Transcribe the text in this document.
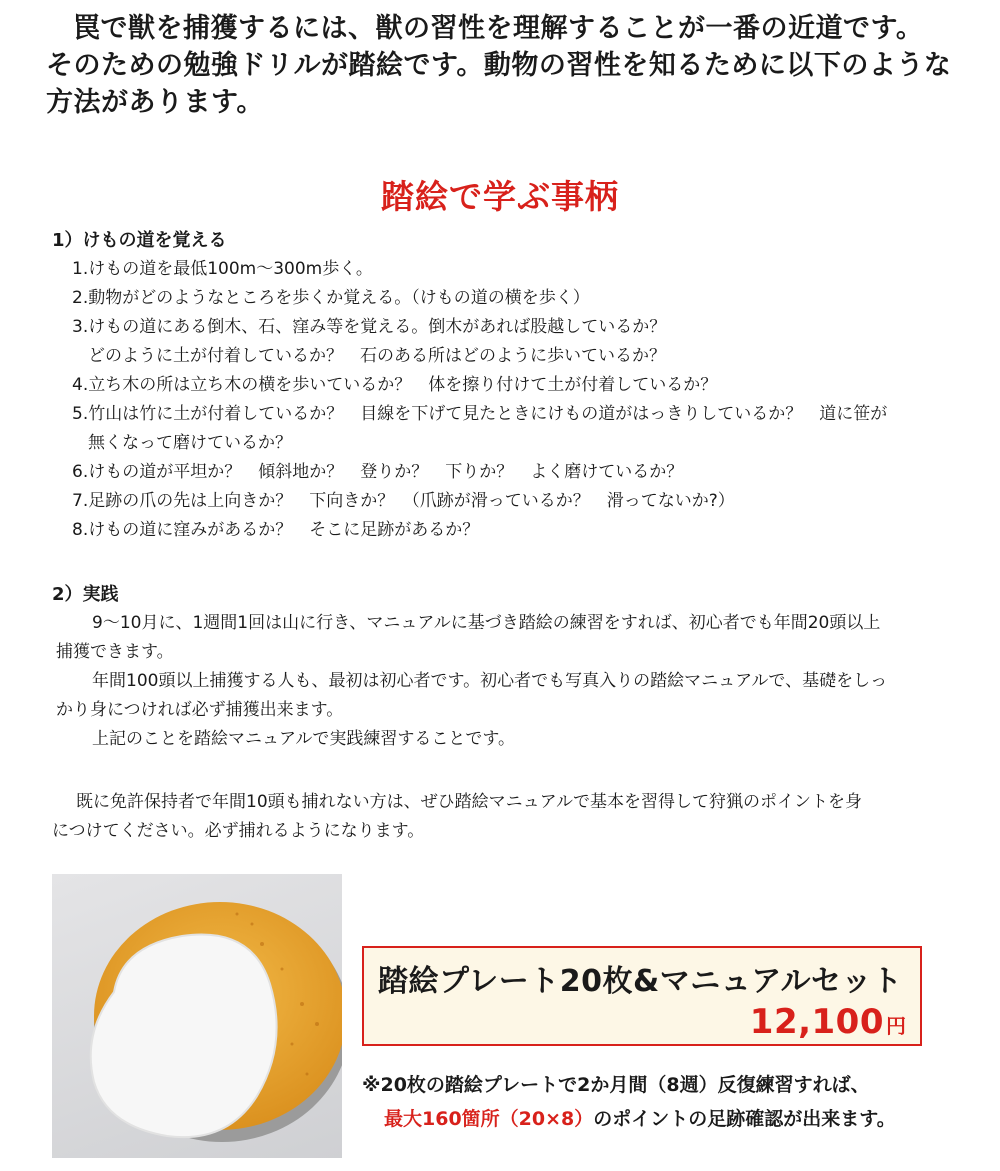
罠で獣を捕獲するには、獣の習性を理解することが一番の近道です。

そのための勉強ドリルが踏絵です。動物の習性を知るために以下のような方法があります。

踏絵で学ぶ事柄
1）けもの道を覚える
1.けもの道を最低100m〜300m歩く。
2.動物がどのようなところを歩くか覚える。（けもの道の横を歩く）
3.けもの道にある倒木、石、窪み等を覚える。倒木があれば股越しているか？
どのように土が付着しているか？　石のある所はどのように歩いているか？
4.立ち木の所は立ち木の横を歩いているか？　体を擦り付けて土が付着しているか？
5.竹山は竹に土が付着しているか？　目線を下げて見たときにけもの道がはっきりしているか？　道に笹が
無くなって磨けているか？
6.けもの道が平坦か？　傾斜地か？　登りか？　下りか？　よく磨けているか？
7.足跡の爪の先は上向きか？　下向きか？　（爪跡が滑っているか？　滑ってないか?）
8.けもの道に窪みがあるか？　そこに足跡があるか？
2）実践
9〜10月に、1週間1回は山に行き、マニュアルに基づき踏絵の練習をすれば、初心者でも年間20頭以上
捕獲できます。
年間100頭以上捕獲する人も、最初は初心者です。初心者でも写真入りの踏絵マニュアルで、基礎をしっ
かり身につければ必ず捕獲出来ます。
上記のことを踏絵マニュアルで実践練習することです。
既に免許保持者で年間10頭も捕れない方は、ぜひ踏絵マニュアルで基本を習得して狩猟のポイントを身
につけてください。必ず捕れるようになります。
踏絵プレート20枚&マニュアルセット
12,100 円
※20枚の踏絵プレートで2か月間（8週）反復練習すれば、
最大160箇所（20×8）のポイントの足跡確認が出来ます。
